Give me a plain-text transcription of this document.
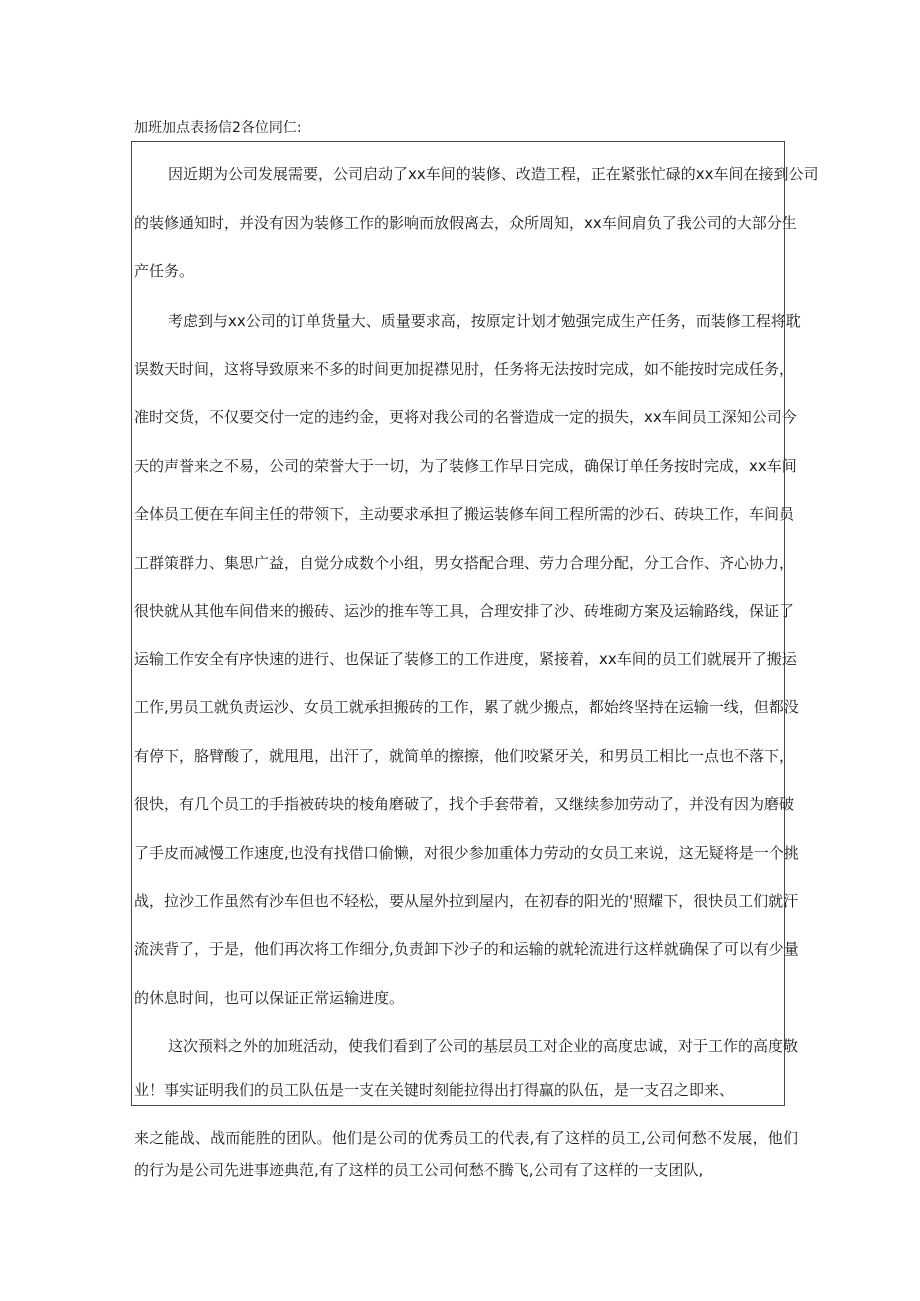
加班加点表扬信2各位同仁:
因近期为公司发展需要，公司启动了xx车间的装修、改造工程，正在紧张忙碌的xx车间在接到公司
的装修通知时，并没有因为装修工作的影响而放假离去，众所周知，xx车间肩负了我公司的大部分生
产任务。
考虑到与xx公司的订单货量大、质量要求高，按原定计划才勉强完成生产任务，而装修工程将耽
误数天时间，这将导致原来不多的时间更加捉襟见肘，任务将无法按时完成，如不能按时完成任务，
准时交货，不仅要交付一定的违约金，更将对我公司的名誉造成一定的损失，xx车间员工深知公司今
天的声誉来之不易，公司的荣誉大于一切，为了装修工作早日完成，确保订单任务按时完成，xx车间
全体员工便在车间主任的带领下，主动要求承担了搬运装修车间工程所需的沙石、砖块工作，车间员
工群策群力、集思广益，自觉分成数个小组，男女搭配合理、劳力合理分配，分工合作、齐心协力，
很快就从其他车间借来的搬砖、运沙的推车等工具，合理安排了沙、砖堆砌方案及运输路线，保证了
运输工作安全有序快速的进行、也保证了装修工的工作进度，紧接着，xx车间的员工们就展开了搬运
工作,男员工就负责运沙、女员工就承担搬砖的工作，累了就少搬点，都始终坚持在运输一线，但都没
有停下，胳臂酸了，就甩甩，出汗了，就简单的擦擦，他们咬紧牙关，和男员工相比一点也不落下，
很快，有几个员工的手指被砖块的棱角磨破了，找个手套带着，又继续参加劳动了，并没有因为磨破
了手皮而减慢工作速度,也没有找借口偷懒，对很少参加重体力劳动的女员工来说，这无疑将是一个挑
战，拉沙工作虽然有沙车但也不轻松，要从屋外拉到屋内，在初春的阳光的'照耀下，很快员工们就汗
流浃背了，于是，他们再次将工作细分,负责卸下沙子的和运输的就轮流进行这样就确保了可以有少量
的休息时间，也可以保证正常运输进度。
这次预料之外的加班活动，使我们看到了公司的基层员工对企业的高度忠诚，对于工作的高度敬
业！事实证明我们的员工队伍是一支在关键时刻能拉得出打得赢的队伍，是一支召之即来、
来之能战、战而能胜的团队。他们是公司的优秀员工的代表,有了这样的员工,公司何愁不发展，他们
的行为是公司先进事迹典范,有了这样的员工公司何愁不腾飞,公司有了这样的一支团队,
